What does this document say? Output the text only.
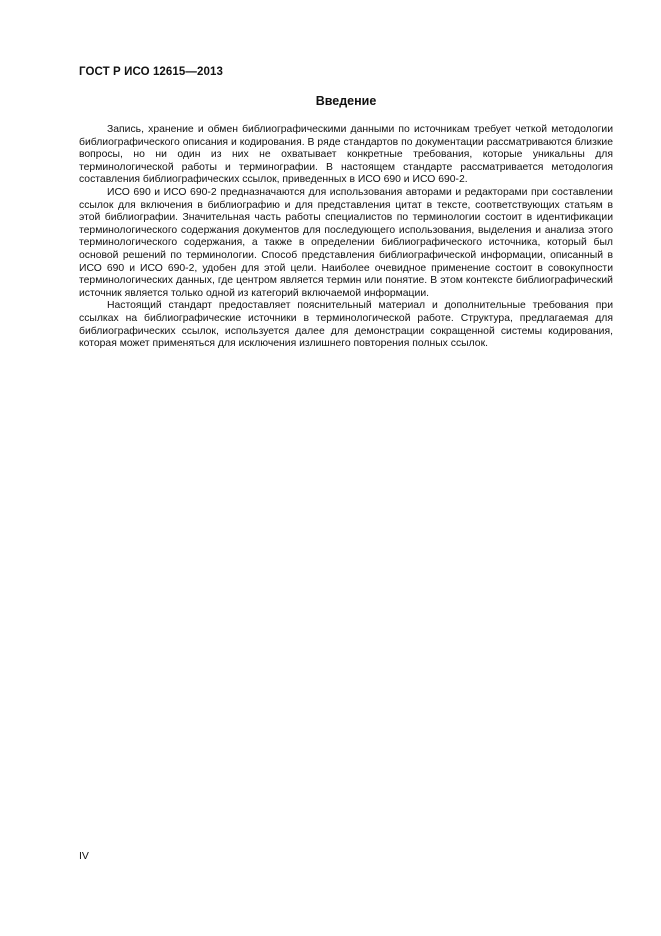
ГОСТ Р ИСО 12615—2013
Введение

Запись, хранение и обмен библиографическими данными по источникам требует четкой методологии библиографического описания и кодирования. В ряде стандартов по документации рассматриваются близкие вопросы, но ни один из них не охватывает конкретные требования, которые уникальны для терминологической работы и терминографии. В настоящем стандарте рассматривается методология составления библиографических ссылок, приведенных в ИСО 690 и ИСО 690-2.

ИСО 690 и ИСО 690-2 предназначаются для использования авторами и редакторами при составлении ссылок для включения в библиографию и для представления цитат в тексте, соответствующих статьям в этой библиографии. Значительная часть работы специалистов по терминологии состоит в идентификации терминологического содержания документов для последующего использования, выделения и анализа этого терминологического содержания, а также в определении библиографического источника, который был основой решений по терминологии. Способ представления библиографической информации, описанный в ИСО 690 и ИСО 690-2, удобен для этой цели. Наиболее очевидное применение состоит в совокупности терминологических данных, где центром является термин или понятие. В этом контексте библиографический источник является только одной из категорий включаемой информации.

Настоящий стандарт предоставляет пояснительный материал и дополнительные требования при ссылках на библиографические источники в терминологической работе. Структура, предлагаемая для библиографических ссылок, используется далее для демонстрации сокращенной системы кодирования, которая может применяться для исключения излишнего повторения полных ссылок.

IV
